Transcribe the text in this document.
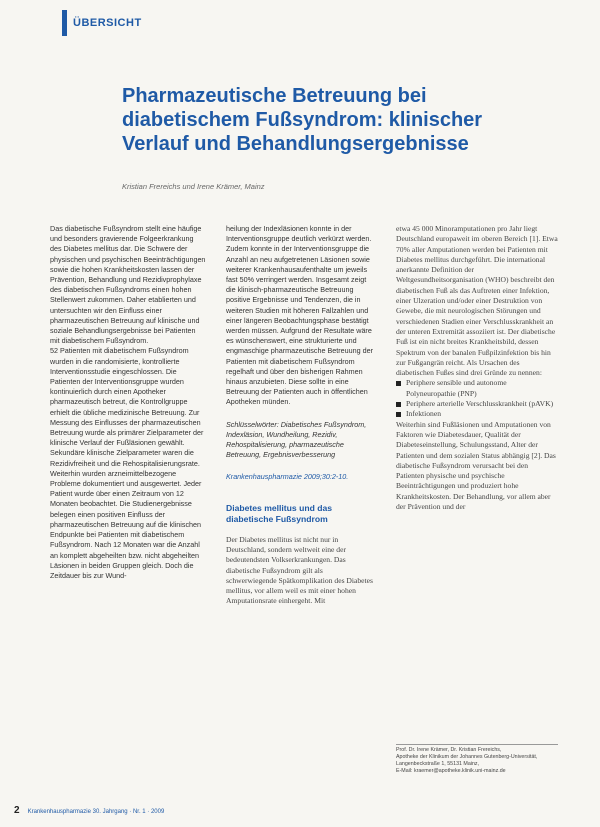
ÜBERSICHT
Pharmazeutische Betreuung bei diabetischem Fußsyndrom: klinischer Verlauf und Behandlungsergebnisse
Kristian Frereichs und Irene Krämer, Mainz

Das diabetische Fußsyndrom stellt eine häufige und besonders gravierende Folgeerkrankung des Diabetes mellitus dar. Die Schwere der physischen und psychischen Beeinträchtigungen sowie die hohen Krankheitskosten lassen der Prävention, Behandlung und Rezidivprophylaxe des diabetischen Fußsyndroms einen hohen Stellenwert zukommen. Daher etablierten und untersuchten wir den Einfluss einer pharmazeutischen Betreuung auf klinische und soziale Behandlungsergebnisse bei Patienten mit diabetischem Fußsyndrom.

52 Patienten mit diabetischem Fußsyndrom wurden in die randomisierte, kontrollierte Interventionsstudie eingeschlossen. Die Patienten der Interventionsgruppe wurden kontinuierlich durch einen Apotheker pharmazeutisch betreut, die Kontrollgruppe erhielt die übliche medizinische Betreuung. Zur Messung des Einflusses der pharmazeutischen Betreuung wurde als primärer Zielparameter der klinische Verlauf der Fußläsionen gewählt. Sekundäre klinische Zielparameter waren die Rezidivfreiheit und die Rehospitalisierungsrate. Weiterhin wurden arzneimittelbezogene Probleme dokumentiert und ausgewertet. Jeder Patient wurde über einen Zeitraum von 12 Monaten beobachtet. Die Studienergebnisse belegen einen positiven Einfluss der pharmazeutischen Betreuung auf die klinischen Endpunkte bei Patienten mit diabetischem Fußsyndrom. Nach 12 Monaten war die Anzahl an komplett abgeheilten bzw. nicht abgeheilten Läsionen in beiden Gruppen gleich. Doch die Zeitdauer bis zur Wund-

heilung der Indexläsionen konnte in der Interventionsgruppe deutlich verkürzt werden. Zudem konnte in der Interventionsgruppe die Anzahl an neu aufgetretenen Läsionen sowie weiterer Krankenhausaufenthalte um jeweils fast 50% verringert werden. Insgesamt zeigt die klinisch-pharmazeutische Betreuung positive Ergebnisse und Tendenzen, die in weiteren Studien mit höheren Fallzahlen und einer längeren Beobachtungsphase bestätigt werden müssen. Aufgrund der Resultate wäre es wünschenswert, eine strukturierte und engmaschige pharmazeutische Betreuung der Patienten mit diabetischem Fußsyndrom regelhaft und über den bisherigen Rahmen hinaus anzubieten. Diese sollte in eine Betreuung der Patienten auch in öffentlichen Apotheken münden.

Schlüsselwörter: Diabetisches Fußsyndrom, Indexläsion, Wundheilung, Rezidiv, Rehospitalisierung, pharmazeutische Betreuung, Ergebnisverbesserung

Krankenhauspharmazie 2009;30:2-10.

Diabetes mellitus und das diabetische Fußsyndrom

Der Diabetes mellitus ist nicht nur in Deutschland, sondern weltweit eine der bedeutendsten Volkserkrankungen. Das diabetische Fußsyndrom gilt als schwerwiegende Spätkomplikation des Diabetes mellitus, vor allem weil es mit einer hohen Amputationsrate einhergeht. Mit

etwa 45 000 Minoramputationen pro Jahr liegt Deutschland europaweit im oberen Bereich [1]. Etwa 70% aller Amputationen werden bei Patienten mit Diabetes mellitus durchgeführt. Die international anerkannte Definition der Weltgesundheitsorganisation (WHO) beschreibt den diabetischen Fuß als das Auftreten einer Infektion, einer Ulzeration und/oder einer Destruktion von Gewebe, die mit neurologischen Störungen und verschiedenen Stadien einer Verschlusskrankheit an der unteren Extremität assoziiert ist. Der diabetische Fuß ist ein nicht breites Krankheitsbild, dessen Spektrum von der banalen Fußpilzinfektion bis hin zur Fußgangrän reicht. Als Ursachen des diabetischen Fußes sind drei Gründe zu nennen:

Periphere sensible und autonome Polyneuropathie (PNP)
Periphere arterielle Verschlusskrankheit (pAVK)
Infektionen

Weiterhin sind Fußläsionen und Amputationen von Faktoren wie Diabetesdauer, Qualität der Diabeteseinstellung, Schulungsstand, Alter der Patienten und dem sozialen Status abhängig [2]. Das diabetische Fußsyndrom verursacht bei den Patienten physische und psychische Beeinträchtigungen und produziert hohe Krankheitskosten. Der Behandlung, vor allem aber der Prävention und der

Prof. Dr. Irene Krämer, Dr. Kristian Frereichs,

Apotheke der Klinikum der Johannes Gutenberg-Universität, Langenbeckstraße 1, 55131 Mainz,

E-Mail: kraemer@apotheke.klinik.uni-mainz.de

2 Krankenhauspharmazie 30. Jahrgang · Nr. 1 · 2009
